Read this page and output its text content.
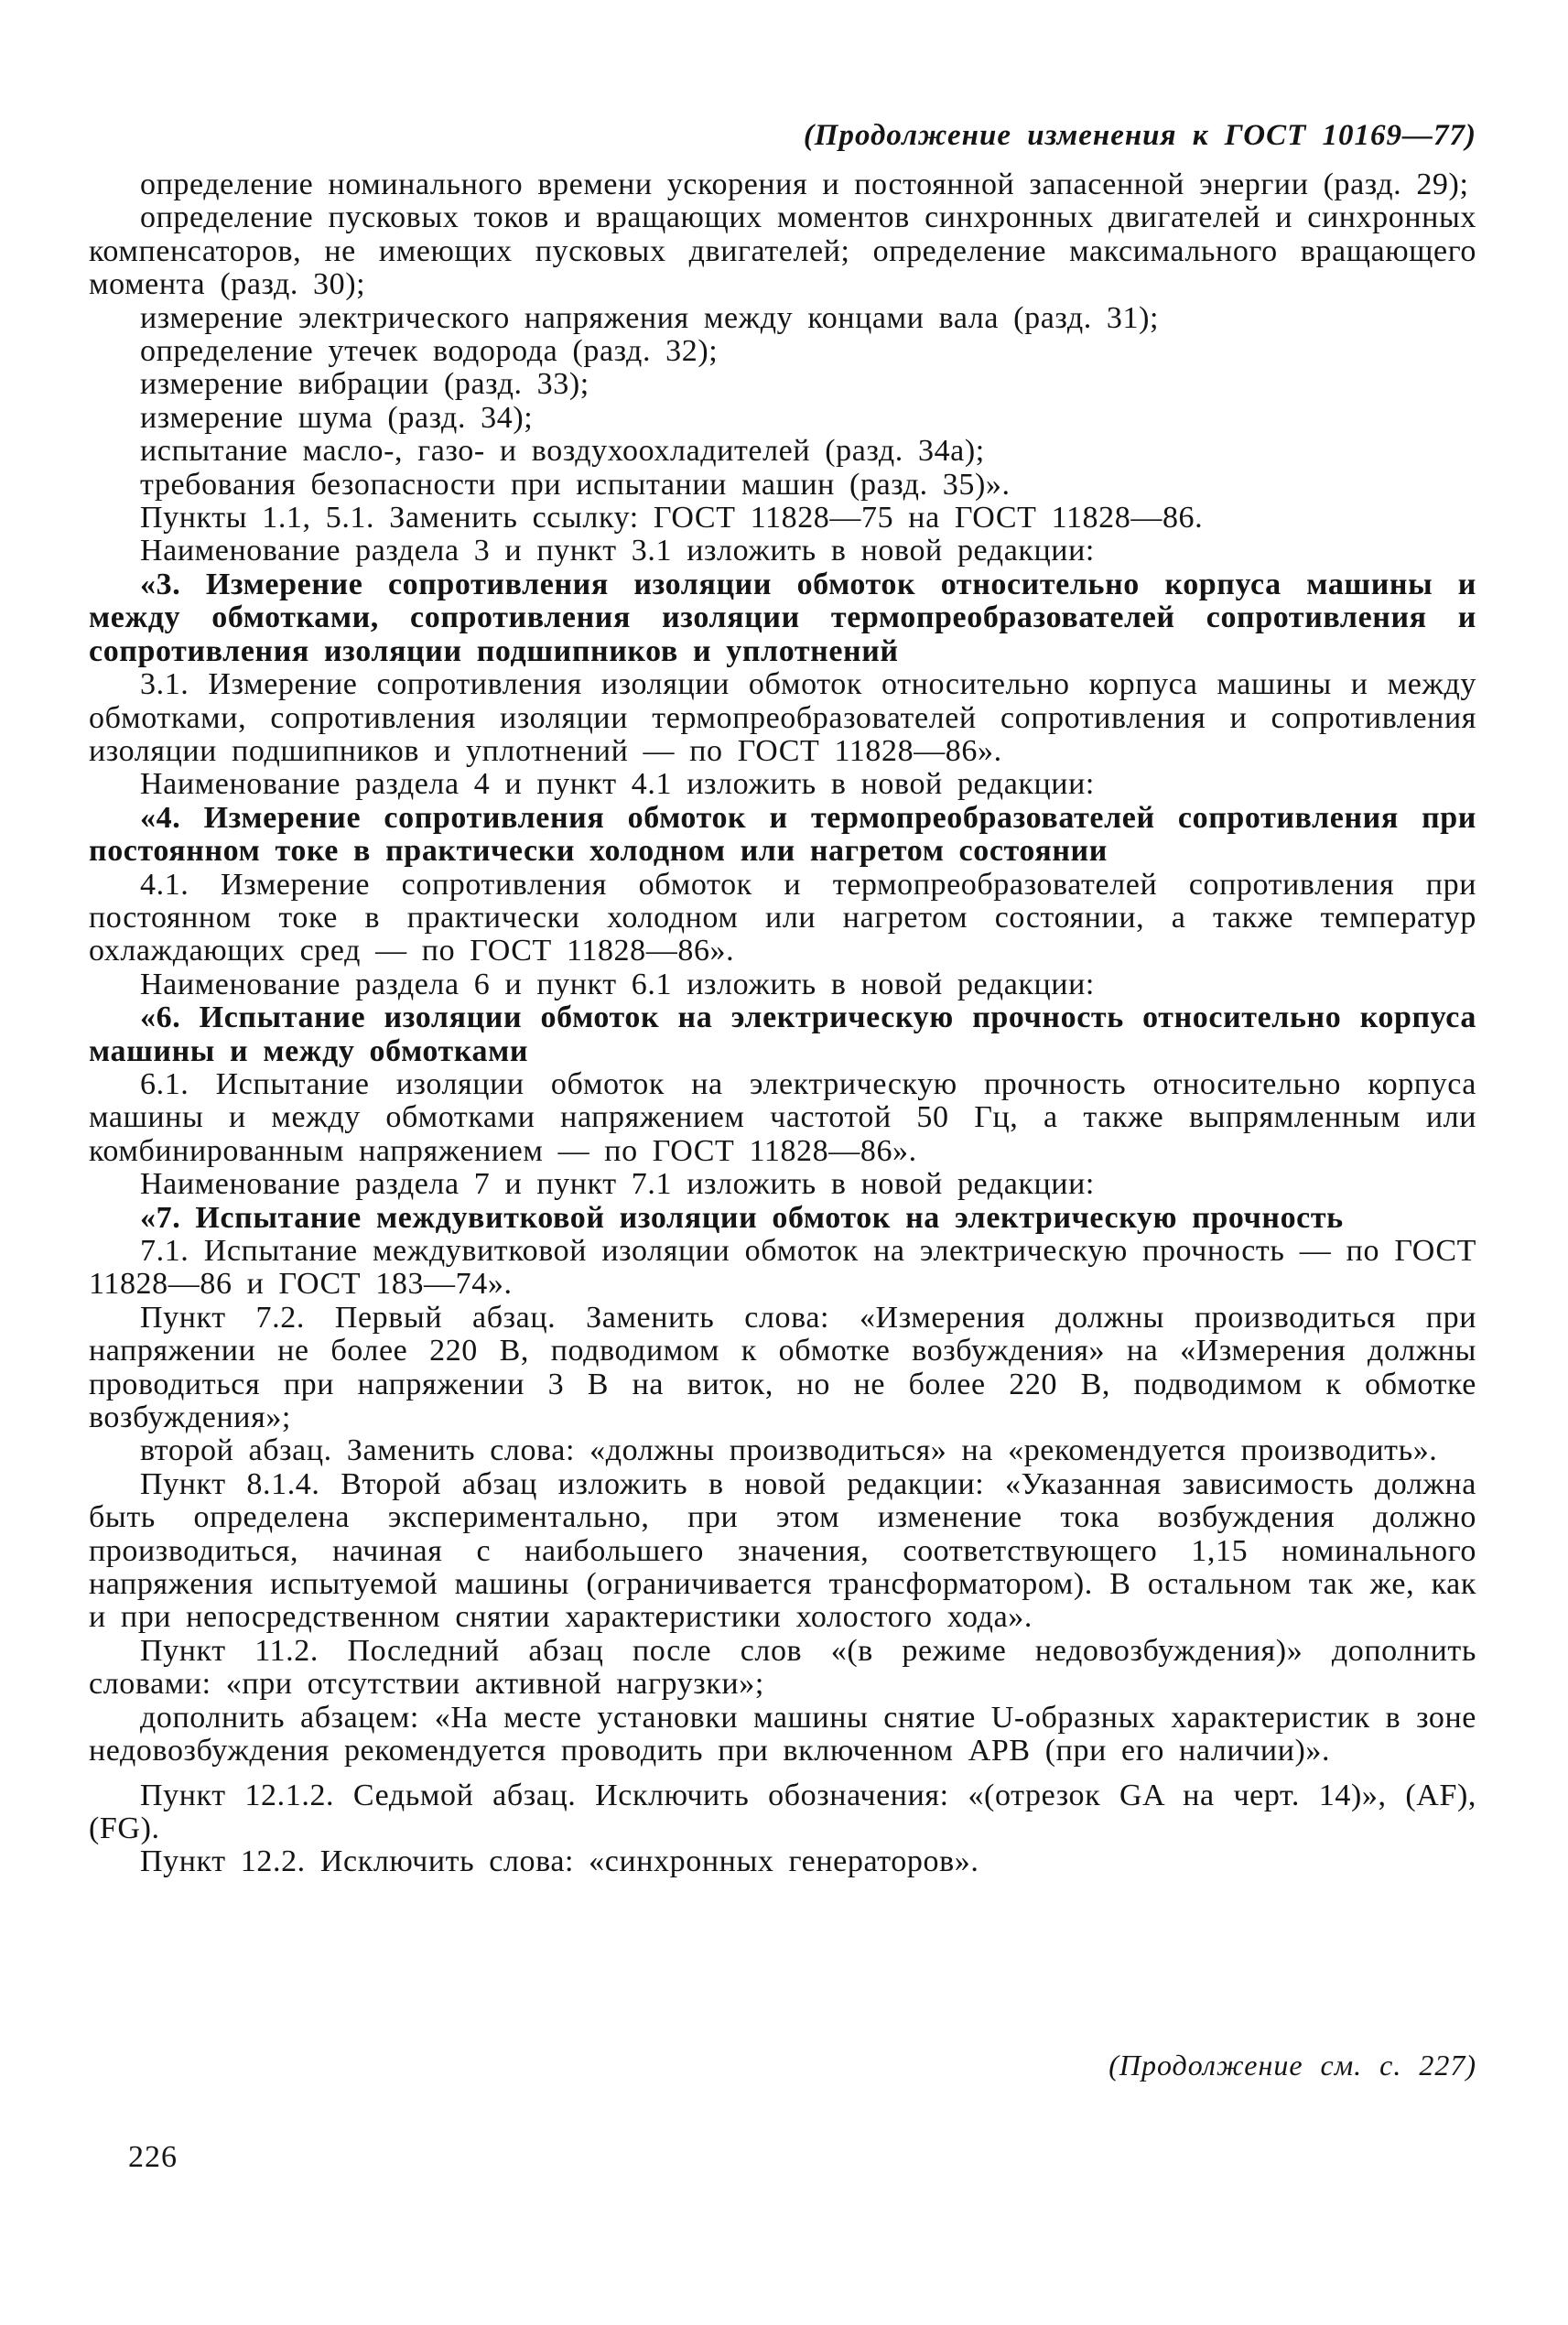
(Продолжение изменения к ГОСТ 10169—77)

определение номинального времени ускорения и постоянной запасенной энергии (разд. 29);

определение пусковых токов и вращающих моментов синхронных двигателей и синхронных компенсаторов, не имеющих пусковых двигателей; определение максимального вращающего момента (разд. 30);

измерение электрического напряжения между концами вала (разд. 31);

определение утечек водорода (разд. 32);

измерение вибрации (разд. 33);

измерение шума (разд. 34);

испытание масло-, газо- и воздухоохладителей (разд. 34а);

требования безопасности при испытании машин (разд. 35)».

Пункты 1.1, 5.1. Заменить ссылку: ГОСТ 11828—75 на ГОСТ 11828—86.

Наименование раздела 3 и пункт 3.1 изложить в новой редакции:

«3. Измерение сопротивления изоляции обмоток относительно корпуса машины и между обмотками, сопротивления изоляции термопреобразователей сопротивления и сопротивления изоляции подшипников и уплотнений

3.1. Измерение сопротивления изоляции обмоток относительно корпуса машины и между обмотками, сопротивления изоляции термопреобразователей сопротивления и сопротивления изоляции подшипников и уплотнений — по ГОСТ 11828—86».

Наименование раздела 4 и пункт 4.1 изложить в новой редакции:

«4. Измерение сопротивления обмоток и термопреобразователей сопротивления при постоянном токе в практически холодном или нагретом состоянии

4.1. Измерение сопротивления обмоток и термопреобразователей сопротивления при постоянном токе в практически холодном или нагретом состоянии, а также температур охлаждающих сред — по ГОСТ 11828—86».

Наименование раздела 6 и пункт 6.1 изложить в новой редакции:

«6. Испытание изоляции обмоток на электрическую прочность относительно корпуса машины и между обмотками

6.1. Испытание изоляции обмоток на электрическую прочность относительно корпуса машины и между обмотками напряжением частотой 50 Гц, а также выпрямленным или комбинированным напряжением — по ГОСТ 11828—86».

Наименование раздела 7 и пункт 7.1 изложить в новой редакции:

«7. Испытание междувитковой изоляции обмоток на электрическую прочность

7.1. Испытание междувитковой изоляции обмоток на электрическую прочность — по ГОСТ 11828—86 и ГОСТ 183—74».

Пункт 7.2. Первый абзац. Заменить слова: «Измерения должны производиться при напряжении не более 220 В, подводимом к обмотке возбуждения» на «Измерения должны проводиться при напряжении 3 В на виток, но не более 220 В, подводимом к обмотке возбуждения»;

второй абзац. Заменить слова: «должны производиться» на «рекомендуется производить».

Пункт 8.1.4. Второй абзац изложить в новой редакции: «Указанная зависимость должна быть определена экспериментально, при этом изменение тока возбуждения должно производиться, начиная с наибольшего значения, соответствующего 1,15 номинального напряжения испытуемой машины (ограничивается трансформатором). В остальном так же, как и при непосредственном снятии характеристики холостого хода».

Пункт 11.2. Последний абзац после слов «(в режиме недовозбуждения)» дополнить словами: «при отсутствии активной нагрузки»;

дополнить абзацем: «На месте установки машины снятие U-образных характеристик в зоне недовозбуждения рекомендуется проводить при включенном АРВ (при его наличии)».

Пункт 12.1.2. Седьмой абзац. Исключить обозначения: «(отрезок GA на черт. 14)», (AF), (FG).

Пункт 12.2. Исключить слова: «синхронных генераторов».

(Продолжение см. с. 227)
226
